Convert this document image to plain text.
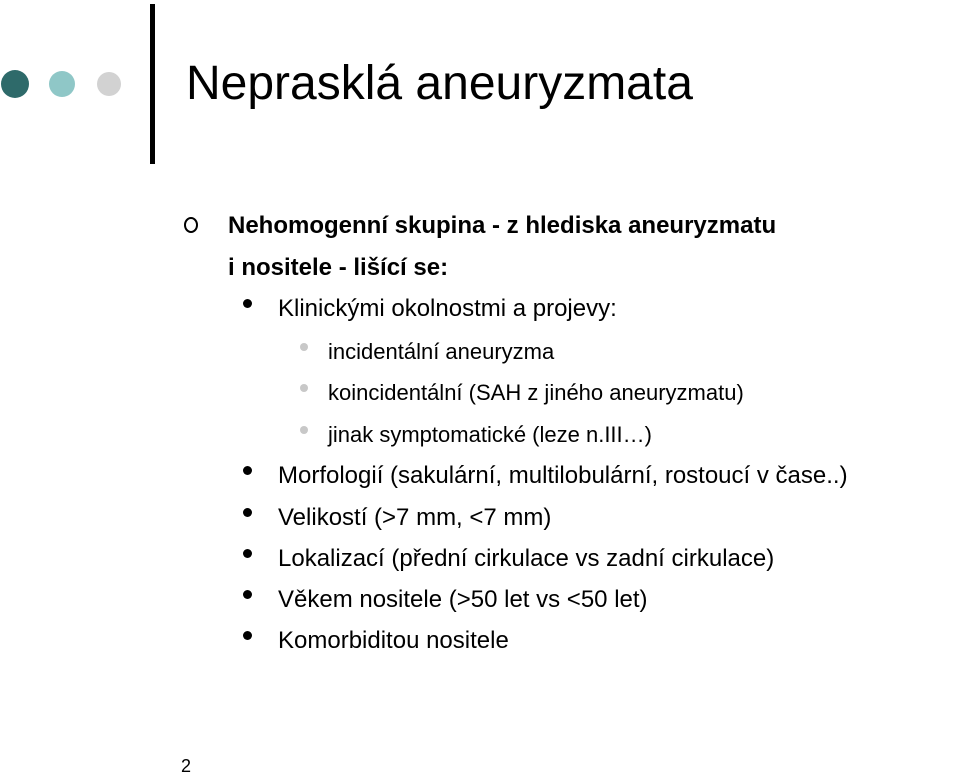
Neprasklá aneuryzmata
Nehomogenní skupina - z hlediska aneuryzmatu
i nositele - lišící se:
Klinickými okolnostmi a projevy:
incidentální aneuryzma
koincidentální (SAH z jiného aneuryzmatu)
jinak symptomatické (leze n.III…)
Morfologií (sakulární, multilobulární, rostoucí v čase..)
Velikostí (>7 mm, <7 mm)
Lokalizací (přední cirkulace vs zadní cirkulace)
Věkem nositele (>50 let vs <50 let)
Komorbiditou nositele
2
